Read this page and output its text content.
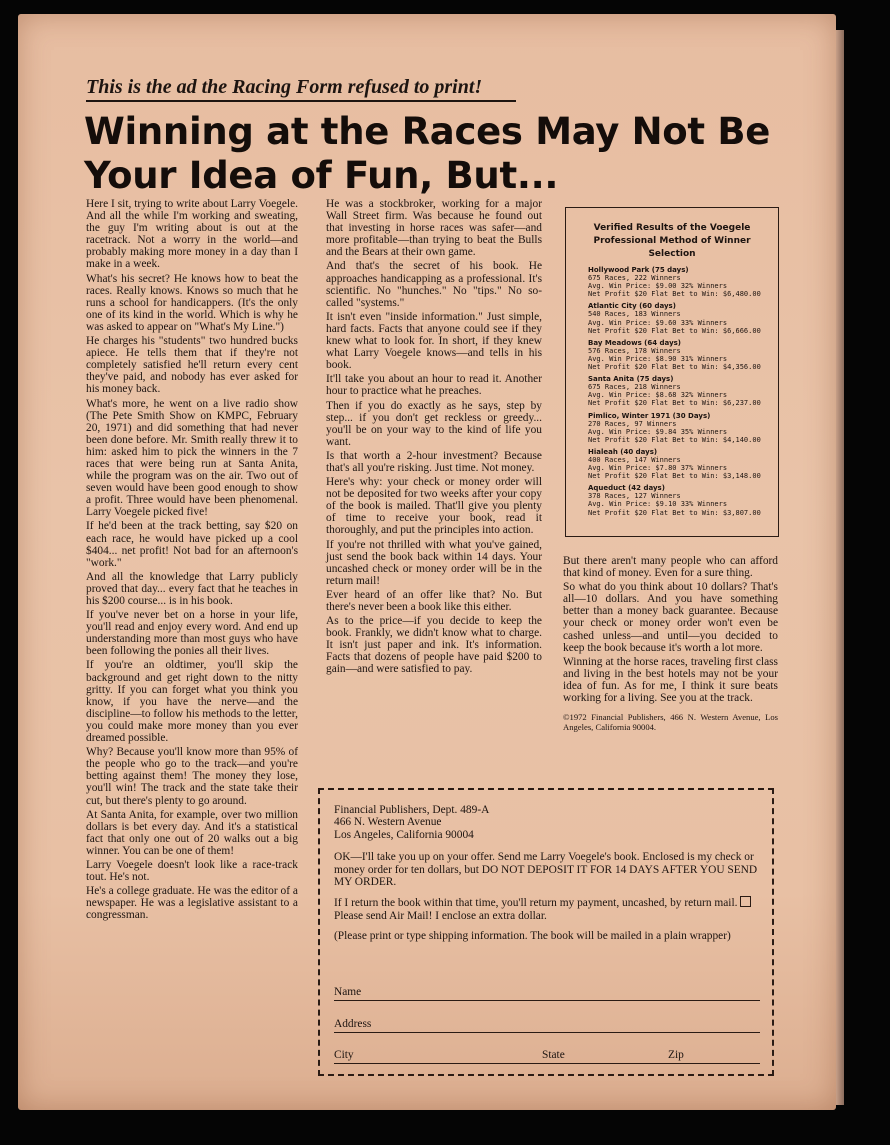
This is the ad the Racing Form refused to print!
Winning at the Races May Not Be Your Idea of Fun, But...

Here I sit, trying to write about Larry Voegele. And all the while I'm working and sweating, the guy I'm writing about is out at the racetrack. Not a worry in the world—and probably making more money in a day than I make in a week.

What's his secret? He knows how to beat the races. Really knows. Knows so much that he runs a school for handicappers. (It's the only one of its kind in the world. Which is why he was asked to appear on "What's My Line.")

He charges his "students" two hundred bucks apiece. He tells them that if they're not completely satisfied he'll return every cent they've paid, and nobody has ever asked for his money back.

What's more, he went on a live radio show (The Pete Smith Show on KMPC, February 20, 1971) and did something that had never been done before. Mr. Smith really threw it to him: asked him to pick the winners in the 7 races that were being run at Santa Anita, while the program was on the air. Two out of seven would have been good enough to show a profit. Three would have been phenomenal. Larry Voegele picked five!

If he'd been at the track betting, say $20 on each race, he would have picked up a cool $404... net profit! Not bad for an afternoon's "work."

And all the knowledge that Larry publicly proved that day... every fact that he teaches in his $200 course... is in his book.

If you've never bet on a horse in your life, you'll read and enjoy every word. And end up understanding more than most guys who have been following the ponies all their lives.

If you're an oldtimer, you'll skip the background and get right down to the nitty gritty. If you can forget what you think you know, if you have the nerve—and the discipline—to follow his methods to the letter, you could make more money than you ever dreamed possible.

Why? Because you'll know more than 95% of the people who go to the track—and you're betting against them! The money they lose, you'll win! The track and the state take their cut, but there's plenty to go around.

At Santa Anita, for example, over two million dollars is bet every day. And it's a statistical fact that only one out of 20 walks out a big winner. You can be one of them!

Larry Voegele doesn't look like a race-track tout. He's not.

He's a college graduate. He was the editor of a newspaper. He was a legislative assistant to a congressman.

He was a stockbroker, working for a major Wall Street firm. Was because he found out that investing in horse races was safer—and more profitable—than trying to beat the Bulls and the Bears at their own game.

And that's the secret of his book. He approaches handicapping as a professional. It's scientific. No "hunches." No "tips." No so-called "systems."

It isn't even "inside information." Just simple, hard facts. Facts that anyone could see if they knew what to look for. In short, if they knew what Larry Voegele knows—and tells in his book.

It'll take you about an hour to read it. Another hour to practice what he preaches.

Then if you do exactly as he says, step by step... if you don't get reckless or greedy... you'll be on your way to the kind of life you want.

Is that worth a 2-hour investment? Because that's all you're risking. Just time. Not money.

Here's why: your check or money order will not be deposited for two weeks after your copy of the book is mailed. That'll give you plenty of time to receive your book, read it thoroughly, and put the principles into action.

If you're not thrilled with what you've gained, just send the book back within 14 days. Your uncashed check or money order will be in the return mail!

Ever heard of an offer like that? No. But there's never been a book like this either.

As to the price—if you decide to keep the book. Frankly, we didn't know what to charge. It isn't just paper and ink. It's information. Facts that dozens of people have paid $200 to gain—and were satisfied to pay.

Verified Results of the Voegele Professional Method of Winner Selection
Hollywood Park (75 days)
675 Races, 222 Winners
Avg. Win Price: $9.00 32% Winners
Net Profit $20 Flat Bet to Win: $6,480.00
Atlantic City (60 days)
540 Races, 183 Winners
Avg. Win Price: $9.60 33% Winners
Net Profit $20 Flat Bet to Win: $6,666.00
Bay Meadows (64 days)
576 Races, 178 Winners
Avg. Win Price: $8.90 31% Winners
Net Profit $20 Flat Bet to Win: $4,356.00
Santa Anita (75 days)
675 Races, 218 Winners
Avg. Win Price: $8.68 32% Winners
Net Profit $20 Flat Bet to Win: $6,237.00
Pimlico, Winter 1971 (30 Days)
270 Races, 97 Winners
Avg. Win Price: $9.84 35% Winners
Net Profit $20 Flat Bet to Win: $4,140.00
Hialeah (40 days)
400 Races, 147 Winners
Avg. Win Price: $7.80 37% Winners
Net Profit $20 Flat Bet to Win: $3,148.00
Aqueduct (42 days)
378 Races, 127 Winners
Avg. Win Price: $9.10 33% Winners
Net Profit $20 Flat Bet to Win: $3,807.00

But there aren't many people who can afford that kind of money. Even for a sure thing.

So what do you think about 10 dollars? That's all—10 dollars. And you have something better than a money back guarantee. Because your check or money order won't even be cashed unless—and until—you decided to keep the book because it's worth a lot more.

Winning at the horse races, traveling first class and living in the best hotels may not be your idea of fun. As for me, I think it sure beats working for a living. See you at the track.

©1972 Financial Publishers, 466 N. Western Avenue, Los Angeles, California 90004.

Financial Publishers, Dept. 489-A

466 N. Western Avenue

Los Angeles, California 90004

OK—I'll take you up on your offer. Send me Larry Voegele's book. Enclosed is my check or money order for ten dollars, but DO NOT DEPOSIT IT FOR 14 DAYS AFTER YOU SEND MY ORDER.

If I return the book within that time, you'll return my payment, uncashed, by return mail. Please send Air Mail! I enclose an extra dollar.

(Please print or type shipping information. The book will be mailed in a plain wrapper)

Name
Address
City	State	Zip
